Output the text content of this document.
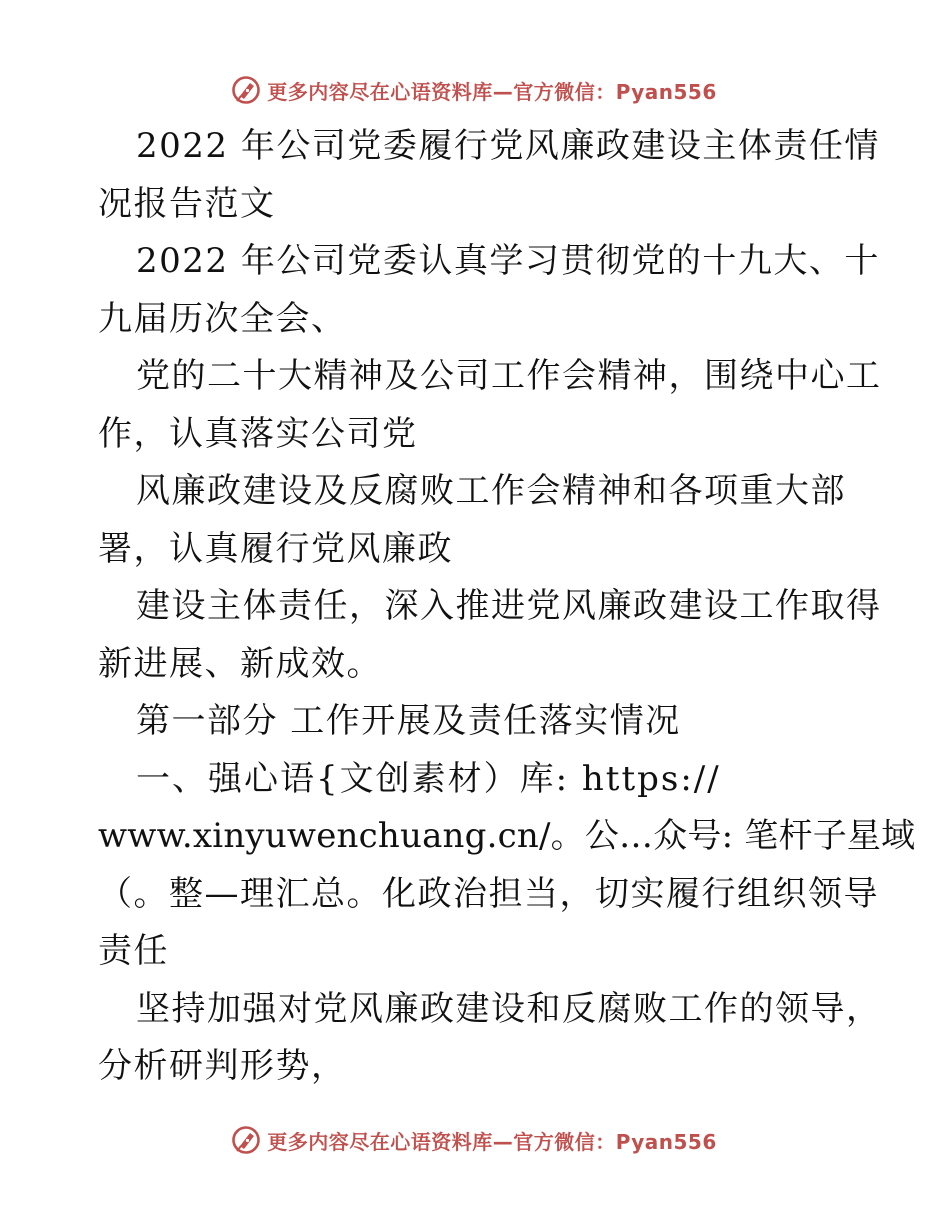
更多内容尽在心语资料库—官方微信：Pyan556
2022 年公司党委履行党风廉政建设主体责任情
况报告范文
2022 年公司党委认真学习贯彻党的十九大、十
九届历次全会、
党的二十大精神及公司工作会精神，围绕中心工
作，认真落实公司党
风廉政建设及反腐败工作会精神和各项重大部
署，认真履行党风廉政
建设主体责任，深入推进党风廉政建设工作取得
新进展、新成效。
第一部分 工作开展及责任落实情况
一、强心语{文创素材）库: https://
www.xinyuwenchuang.cn/。公…众号: 笔杆子星域
（。整—理汇总。化政治担当，切实履行组织领导
责任
坚持加强对党风廉政建设和反腐败工作的领导，
分析研判形势，
更多内容尽在心语资料库—官方微信：Pyan556
